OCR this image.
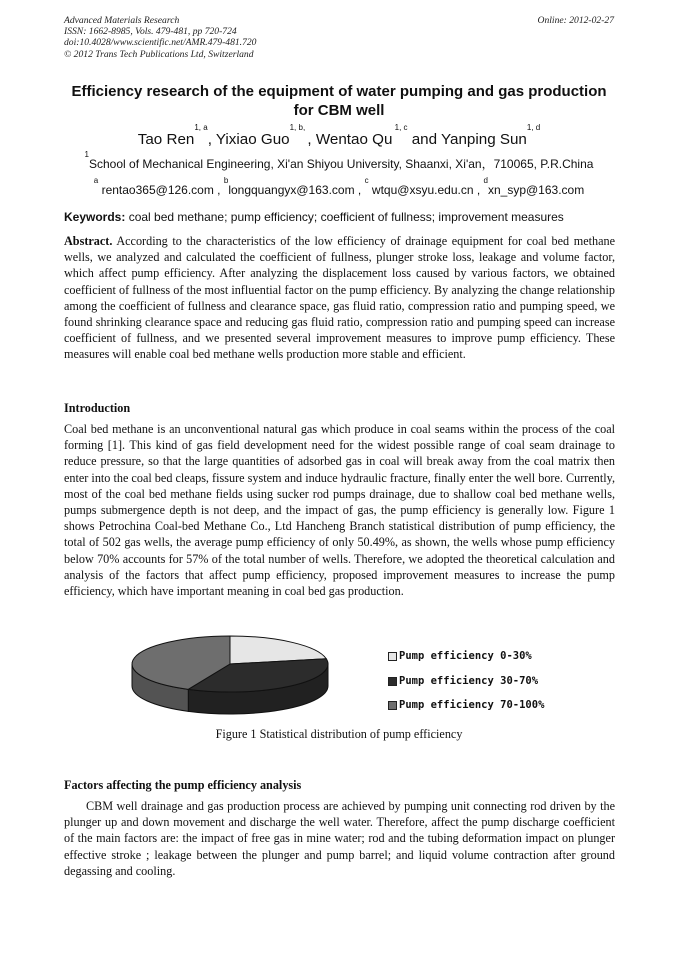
Advanced Materials Research
ISSN: 1662-8985, Vols. 479-481, pp 720-724
doi:10.4028/www.scientific.net/AMR.479-481.720
© 2012 Trans Tech Publications Ltd, Switzerland
Online: 2012-02-27
Efficiency research of the equipment of water pumping and gas production for CBM well
Tao Ren$^{1, a}$, Yixiao Guo$^{1, b,}$ , Wentao Qu $^{1, c}$ and Yanping Sun$^{1, d}$
$^1$School of Mechanical Engineering, Xi'an Shiyou University, Shaanxi, Xi'an，710065, P.R.China
$^a$ rentao365@126.com , $^b$longquangyx@163.com , $^c$ wtqu@xsyu.edu.cn , $^d$xn_syp@163.com
Keywords: coal bed methane; pump efficiency; coefficient of fullness; improvement measures

Abstract. According to the characteristics of the low efficiency of drainage equipment for coal bed methane wells, we analyzed and calculated the coefficient of fullness, plunger stroke loss, leakage and volume factor, which affect pump efficiency. After analyzing the displacement loss caused by various factors, we obtained coefficient of fullness of the most influential factor on the pump efficiency. By analyzing the change relationship among the coefficient of fullness and clearance space, gas fluid ratio, compression ratio and pumping speed, we found shrinking clearance space and reducing gas fluid ratio, compression ratio and pumping speed can increase coefficient of fullness, and we presented several improvement measures to improve pump efficiency. These measures will enable coal bed methane wells production more stable and efficient.

Introduction

Coal bed methane is an unconventional natural gas which produce in coal seams within the process of the coal forming [1]. This kind of gas field development need for the widest possible range of coal seam drainage to reduce pressure, so that the large quantities of adsorbed gas in coal will break away from the coal matrix then enter into the coal bed cleaps, fissure system and induce hydraulic fracture, finally enter the well bore. Currently, most of the coal bed methane fields using sucker rod pumps drainage, due to shallow coal bed methane wells, pumps submergence depth is not deep, and the impact of gas, the pump efficiency is generally low. Figure 1 shows Petrochina Coal-bed Methane Co., Ltd Hancheng Branch statistical distribution of pump efficiency, the total of 502 gas wells, the average pump efficiency of only 50.49%, as shown, the wells whose pump efficiency below 70% accounts for 57% of the total number of wells. Therefore, we adopted the theoretical calculation and analysis of the factors that affect pump efficiency, proposed improvement measures to increase the pump efficiency, which have important meaning in coal bed gas production.

Pump efficiency 0-30%
Pump efficiency 30-70%
Pump efficiency 70-100%
Figure 1 Statistical distribution of pump efficiency
Factors affecting the pump efficiency analysis

CBM well drainage and gas production process are achieved by pumping unit connecting rod driven by the plunger up and down movement and discharge the well water. Therefore, affect the pump discharge coefficient of the main factors are: the impact of free gas in mine water; rod and the tubing deformation impact on plunger effective stroke ; leakage between the plunger and pump barrel; and liquid volume contraction after ground degassing and cooling.
